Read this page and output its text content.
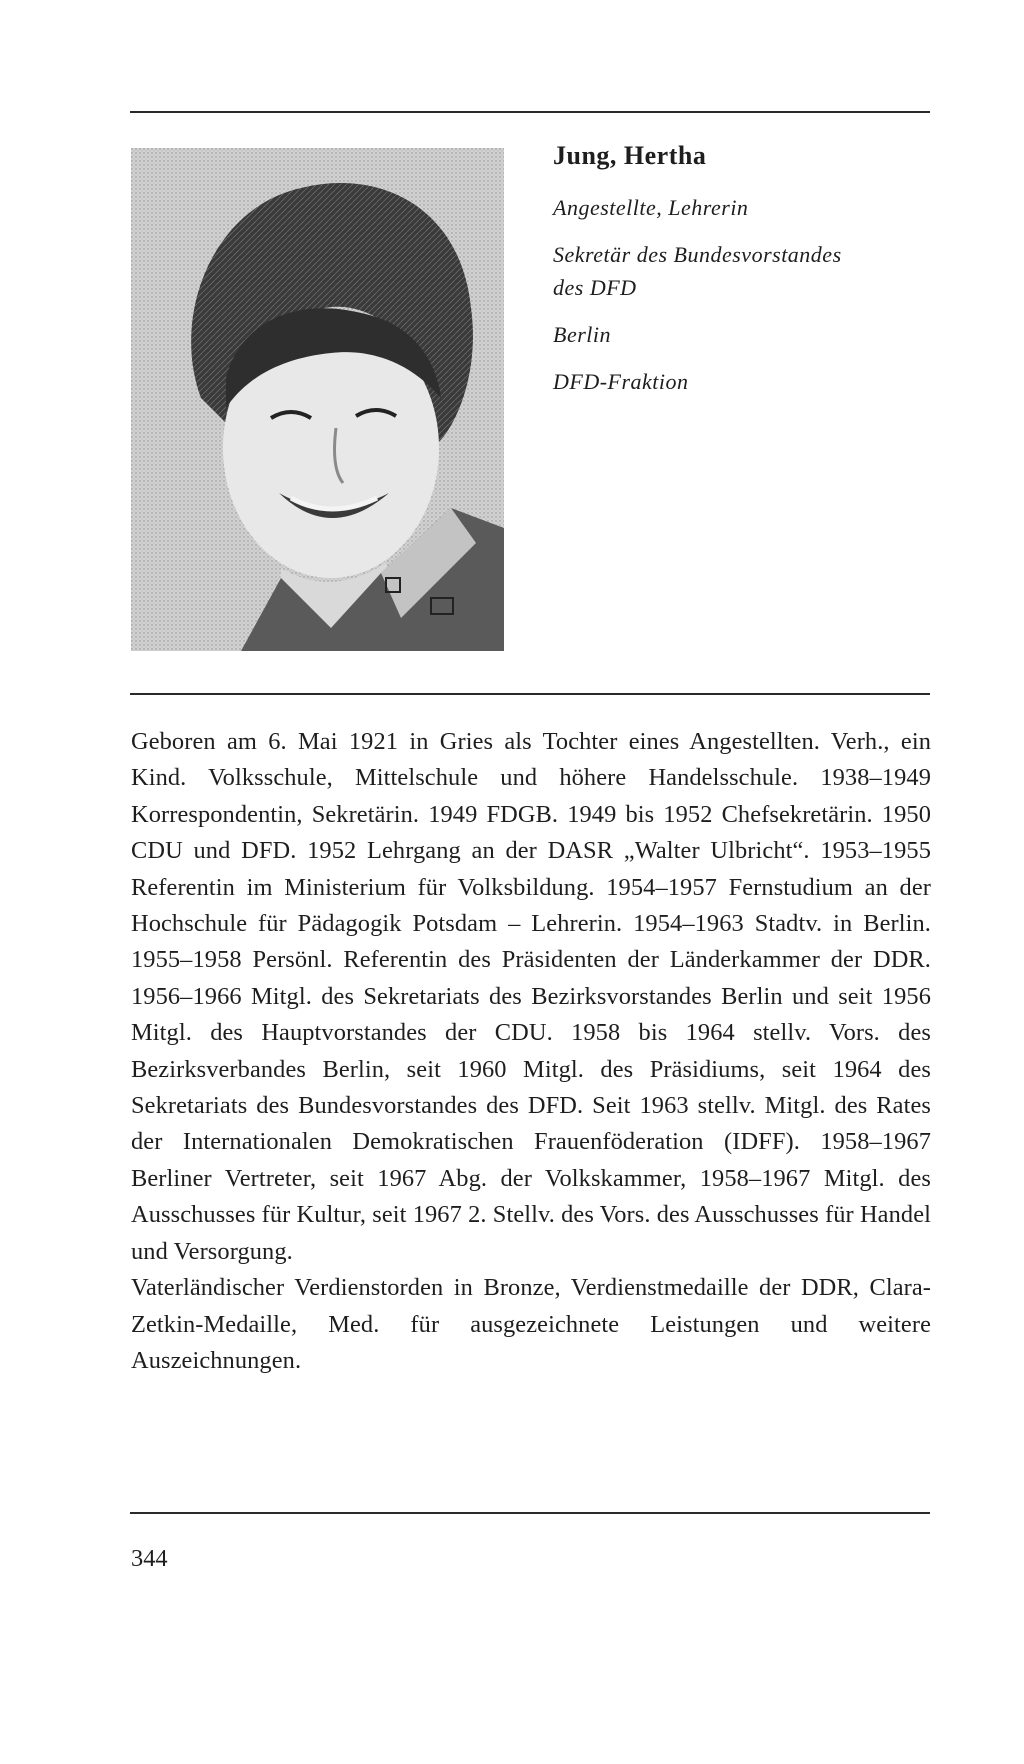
Jung, Hertha
Angestellte, Lehrerin
Sekretär des Bundesvorstandes
des DFD
Berlin
DFD-Fraktion

Geboren am 6. Mai 1921 in Gries als Tochter eines Angestellten. Verh., ein Kind. Volksschule, Mittelschule und höhere Handelsschule. 1938–1949 Korrespondentin, Sekretärin. 1949 FDGB. 1949 bis 1952 Chefsekretärin. 1950 CDU und DFD. 1952 Lehrgang an der DASR „Walter Ulbricht“. 1953–1955 Referentin im Ministerium für Volksbildung. 1954–1957 Fernstudium an der Hochschule für Pädagogik Potsdam – Lehrerin. 1954–1963 Stadtv. in Berlin. 1955–1958 Persönl. Referentin des Präsidenten der Länderkammer der DDR. 1956–1966 Mitgl. des Sekretariats des Bezirksvorstandes Berlin und seit 1956 Mitgl. des Hauptvorstandes der CDU. 1958 bis 1964 stellv. Vors. des Bezirksverbandes Berlin, seit 1960 Mitgl. des Präsidiums, seit 1964 des Sekretariats des Bundesvorstandes des DFD. Seit 1963 stellv. Mitgl. des Rates der Internationalen Demokratischen Frauenföderation (IDFF). 1958–1967 Berliner Vertreter, seit 1967 Abg. der Volkskammer, 1958–1967 Mitgl. des Ausschusses für Kultur, seit 1967 2. Stellv. des Vors. des Ausschusses für Handel und Versorgung.

Vaterländischer Verdienstorden in Bronze, Verdienstmedaille der DDR, Clara-Zetkin-Medaille, Med. für ausgezeichnete Leistungen und weitere Auszeichnungen.

344
